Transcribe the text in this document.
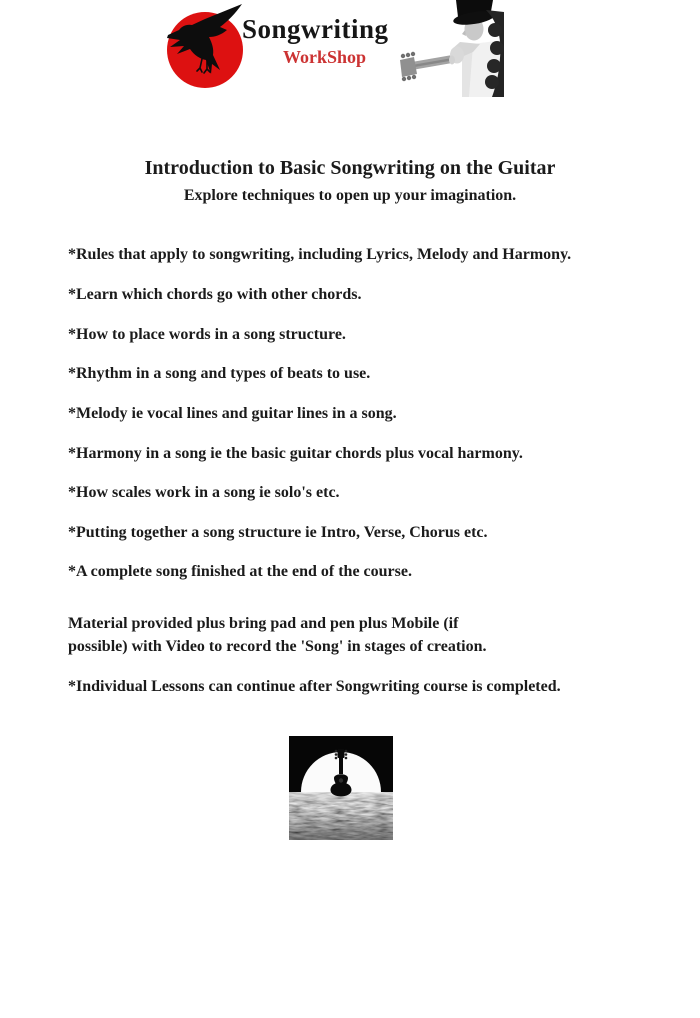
Songwriting
WorkShop
Introduction to Basic Songwriting on the Guitar
Explore techniques to open up your imagination.
*Rules that apply to songwriting, including Lyrics, Melody and Harmony.
*Learn which chords go with other chords.
*How to place words in a song structure.
*Rhythm in a song and types of beats to use.
*Melody ie vocal lines and guitar lines in a song.
*Harmony in a song ie the basic guitar chords plus vocal harmony.
*How scales work in a song ie solo's etc.
*Putting together a song structure ie Intro, Verse, Chorus etc.
*A complete song finished at the end of the course.
Material provided plus bring pad and pen plus Mobile (if
possible) with Video to record the 'Song' in stages of creation.
*Individual Lessons can continue after Songwriting course is completed.
